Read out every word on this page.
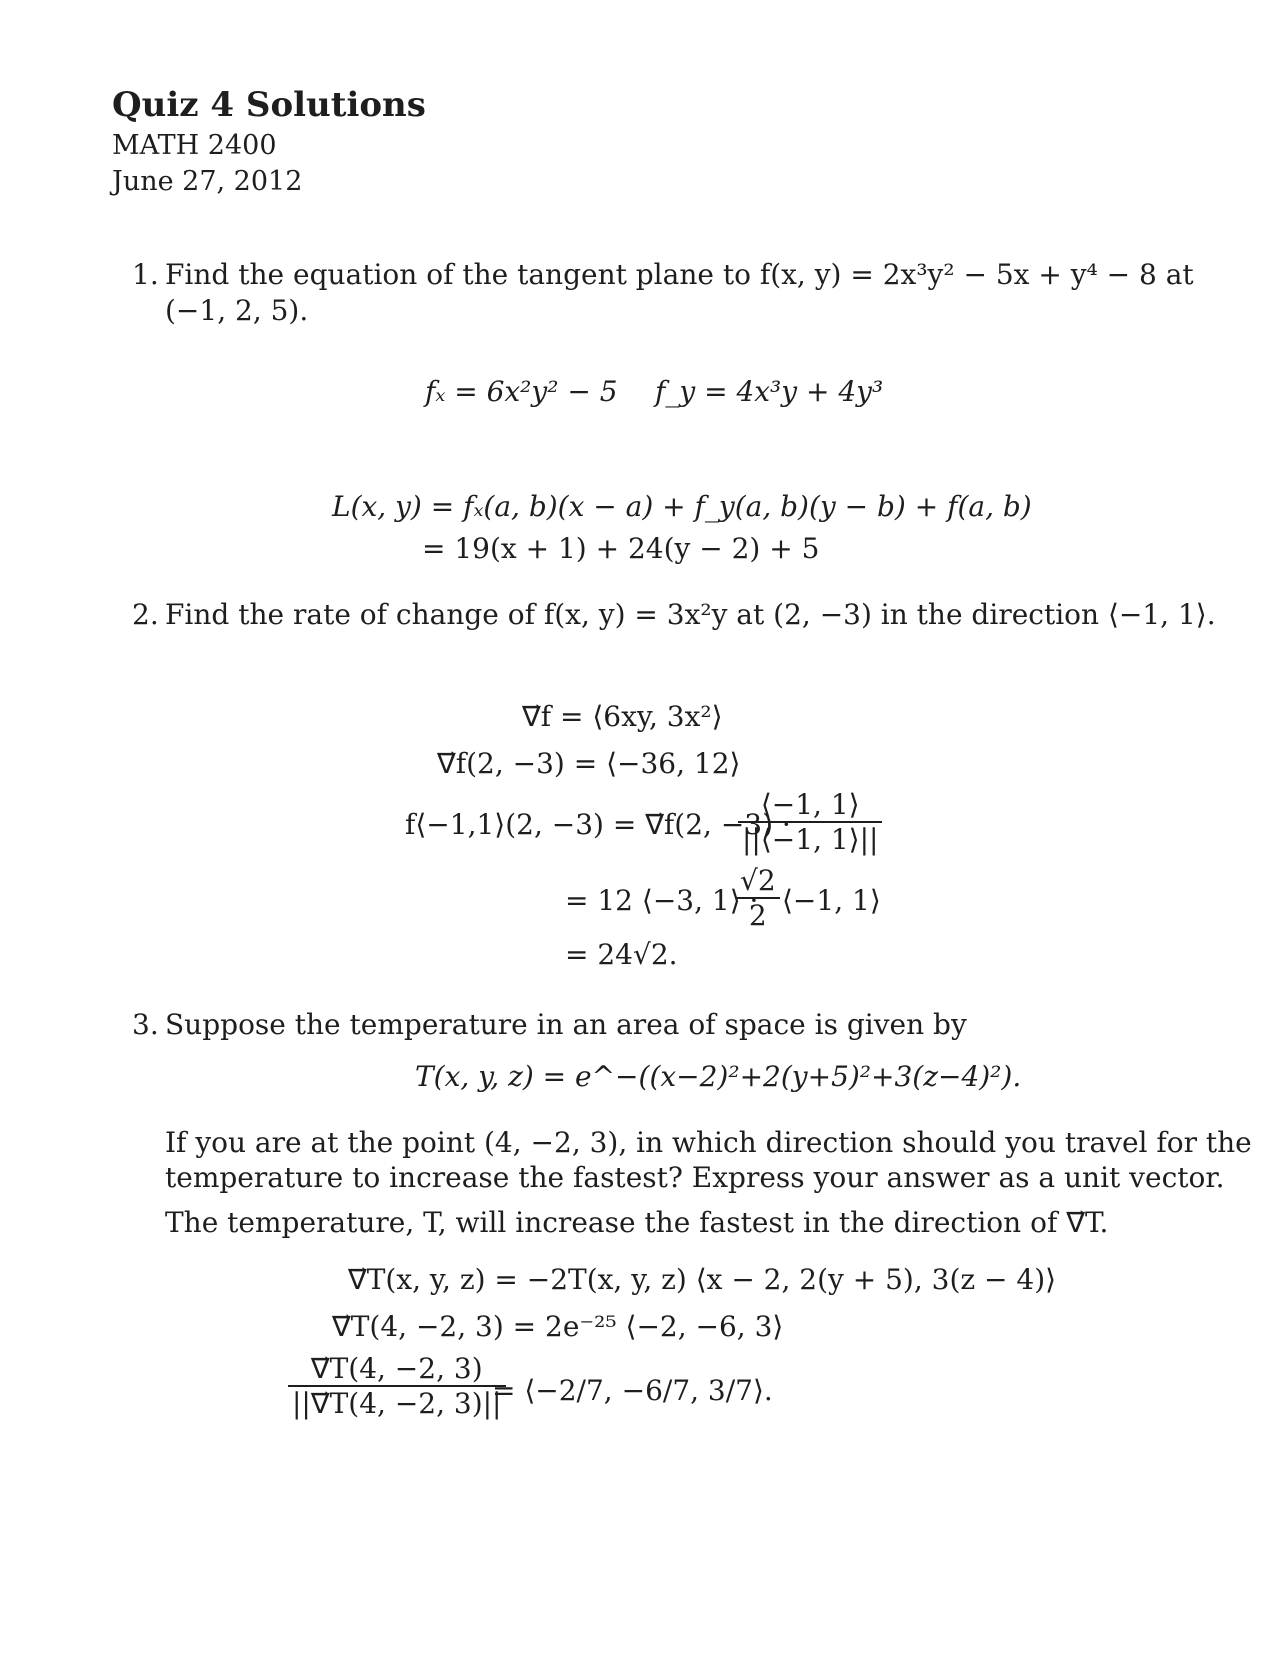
Quiz 4 Solutions
MATH 2400
June 27, 2012
1. Find the equation of the tangent plane to f(x, y) = 2x³y² − 5x + y⁴ − 8 at
(−1, 2, 5).
fₓ = 6x²y² − 5 f_y = 4x³y + 4y³
L(x, y) = fₓ(a, b)(x − a) + f_y(a, b)(y − b) + f(a, b)
= 19(x + 1) + 24(y − 2) + 5
2. Find the rate of change of f(x, y) = 3x²y at (2, −3) in the direction ⟨−1, 1⟩.
∇⃗f = ⟨6xy, 3x²⟩
∇⃗f(2, −3) = ⟨−36, 12⟩
f⟨−1,1⟩(2, −3) = ∇⃗f(2, −3) ·
$\frac{⟨-1, 1⟩}{||⟨-1, 1⟩||}$
= 12 ⟨−3, 1⟩ ·
$\frac{√2}{2}$ ⟨−1, 1⟩
= 24√2.
3. Suppose the temperature in an area of space is given by
T(x, y, z) = e^−((x−2)²+2(y+5)²+3(z−4)²).
If you are at the point (4, −2, 3), in which direction should you travel for the
temperature to increase the fastest? Express your answer as a unit vector.
The temperature, T, will increase the fastest in the direction of ∇⃗T.
∇⃗T(x, y, z) = −2T(x, y, z) ⟨x − 2, 2(y + 5), 3(z − 4)⟩
∇⃗T(4, −2, 3) = 2e⁻²⁵ ⟨−2, −6, 3⟩
$\frac{\nabla⃗T(4, -2, 3)}{||\nabla⃗T(4, -2, 3)||}$
= ⟨−2/7, −6/7, 3/7⟩.
